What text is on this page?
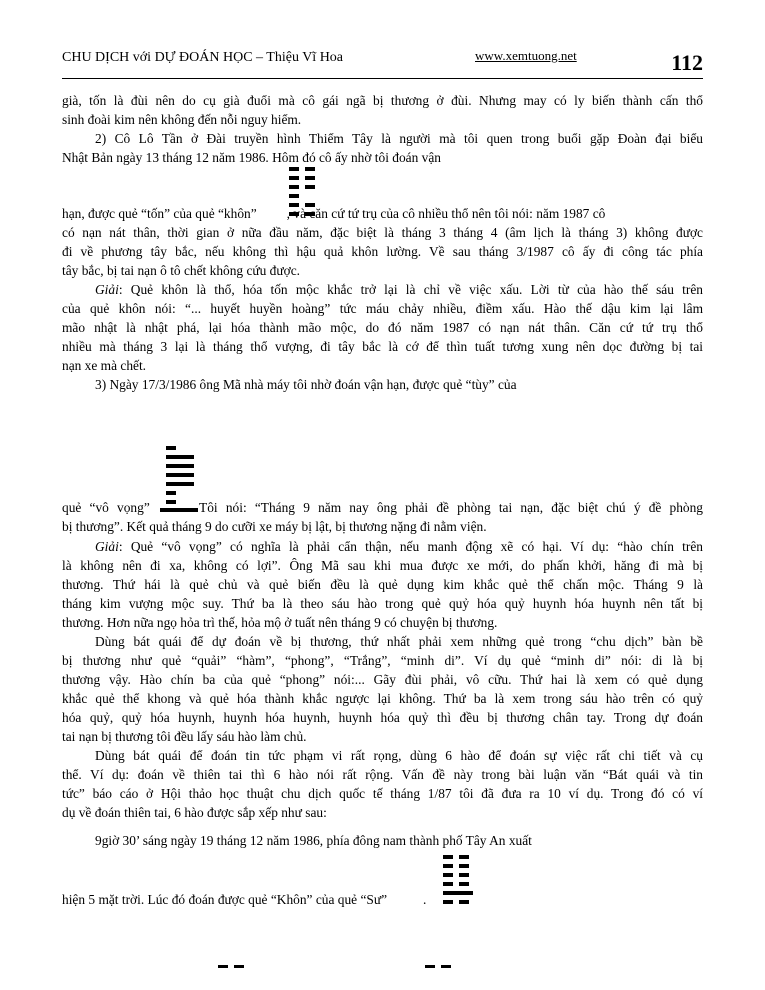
CHU DỊCH với DỰ ĐOÁN HỌC – Thiệu Vĩ Hoa	www.xemtuong.net	112
già, tốn là đùi nên do cụ già đuổi mà cô gái ngã bị thương ở đùi. Nhưng may có ly biến thành cấn thổ
sinh đoài kim nên không đến nỗi nguy hiểm.
2) Cô Lô Tần ở Đài truyền hình Thiểm Tây là người mà tôi quen trong buổi gặp Đoàn đại biểu
Nhật Bản ngày 13 tháng 12 năm 1986. Hôm đó cô ấy nhờ tôi đoán vận
hạn, được quẻ “tốn” của quẻ “khôn” , và căn cứ tứ trụ của cô nhiều thổ nên tôi nói: năm 1987 cô
có nạn nát thân, thời gian ở nữa đầu năm, đặc biệt là tháng 3 tháng 4 (âm lịch là tháng 3) không được
đi về phương tây bắc, nếu không thì hậu quả khôn lường. Về sau tháng 3/1987 cô ấy đi công tác phía
tây bắc, bị tai nạn ô tô chết không cứu được.
Giải: Quẻ khôn là thổ, hóa tốn mộc khắc trở lại là chỉ về việc xấu. Lời từ của hào thế sáu trên
của quẻ khôn nói: “... huyết huyền hoàng” tức máu chảy nhiều, điềm xấu. Hào thế dậu kim lại lâm
mão nhật là nhật phá, lại hóa thành mão mộc, do đó năm 1987 có nạn nát thân. Căn cứ tứ trụ thổ
nhiều mà tháng 3 lại là tháng thổ vượng, đi tây bắc là cớ để thìn tuất tương xung nên dọc đường bị tai
nạn xe mà chết.
3) Ngày 17/3/1986 ông Mã nhà máy tôi nhờ đoán vận hạn, được quẻ “tùy” của
quẻ “vô vọng”	. Tôi nói: “Tháng 9 năm nay ông phải đề phòng tai nạn, đặc biệt chú ý đề phòng
bị thương”. Kết quả tháng 9 do cưỡi xe máy bị lật, bị thương nặng đi nằm viện.
Giải: Quẻ “vô vọng” có nghĩa là phải cẩn thận, nếu manh động xẽ có hại. Ví dụ: “hào chín trên
là không nên đi xa, không có lợi”. Ông Mã sau khi mua được xe mới, do phấn khởi, hăng đi mà bị
thương. Thứ hái là quẻ chủ và quẻ biến đều là quẻ dụng kim khắc quẻ thể chấn mộc. Tháng 9 là
tháng kim vượng mộc suy. Thứ ba là theo sáu hào trong quẻ quỷ hóa quỷ huynh hóa huynh nên tất bị
thương. Hơn nữa ngọ hỏa trì thế, hỏa mộ ở tuất nên tháng 9 có chuyện bị thương.
Dùng bát quái để dự đoán về bị thương, thứ nhất phải xem những quẻ trong “chu dịch” bàn bề
bị thương như quẻ “quải” “hàm”, “phong”, “Trắng”, “minh di”. Ví dụ quẻ “minh di” nói: di là bị
thương vậy. Hào chín ba của quẻ “phong” nói:... Gãy đùi phải, vô cữu. Thứ hai là xem có quẻ dụng
khắc quẻ thể khong và quẻ hóa thành khắc ngược lại không. Thứ ba là xem trong sáu hào trên có quỷ
hóa quỷ, quỷ hóa huynh, huynh hóa huynh, huynh hóa quỷ thì đều bị thương chân tay. Trong dự đoán
tai nạn bị thương tôi đều lấy sáu hào làm chủ.
Dùng bát quái để đoán tin tức phạm vi rất rọng, dùng 6 hào để đoán sự việc rất chi tiết và cụ
thể. Ví dụ: đoán về thiên tai thì 6 hào nói rất rộng. Vấn đề này trong bài luận văn “Bát quái và tin
tức” báo cáo ở Hội thảo học thuật chu dịch quốc tế tháng 1/87 tôi đã đưa ra 10 ví dụ. Trong đó có ví
dụ về đoán thiên tai, 6 hào được sắp xếp như sau:
9giờ 30’ sáng ngày 19 tháng 12 năm 1986, phía đông nam thành phố Tây An xuất
hiện 5 mặt trời. Lúc đó đoán được quẻ “Khôn” của quẻ “Sư”	.
